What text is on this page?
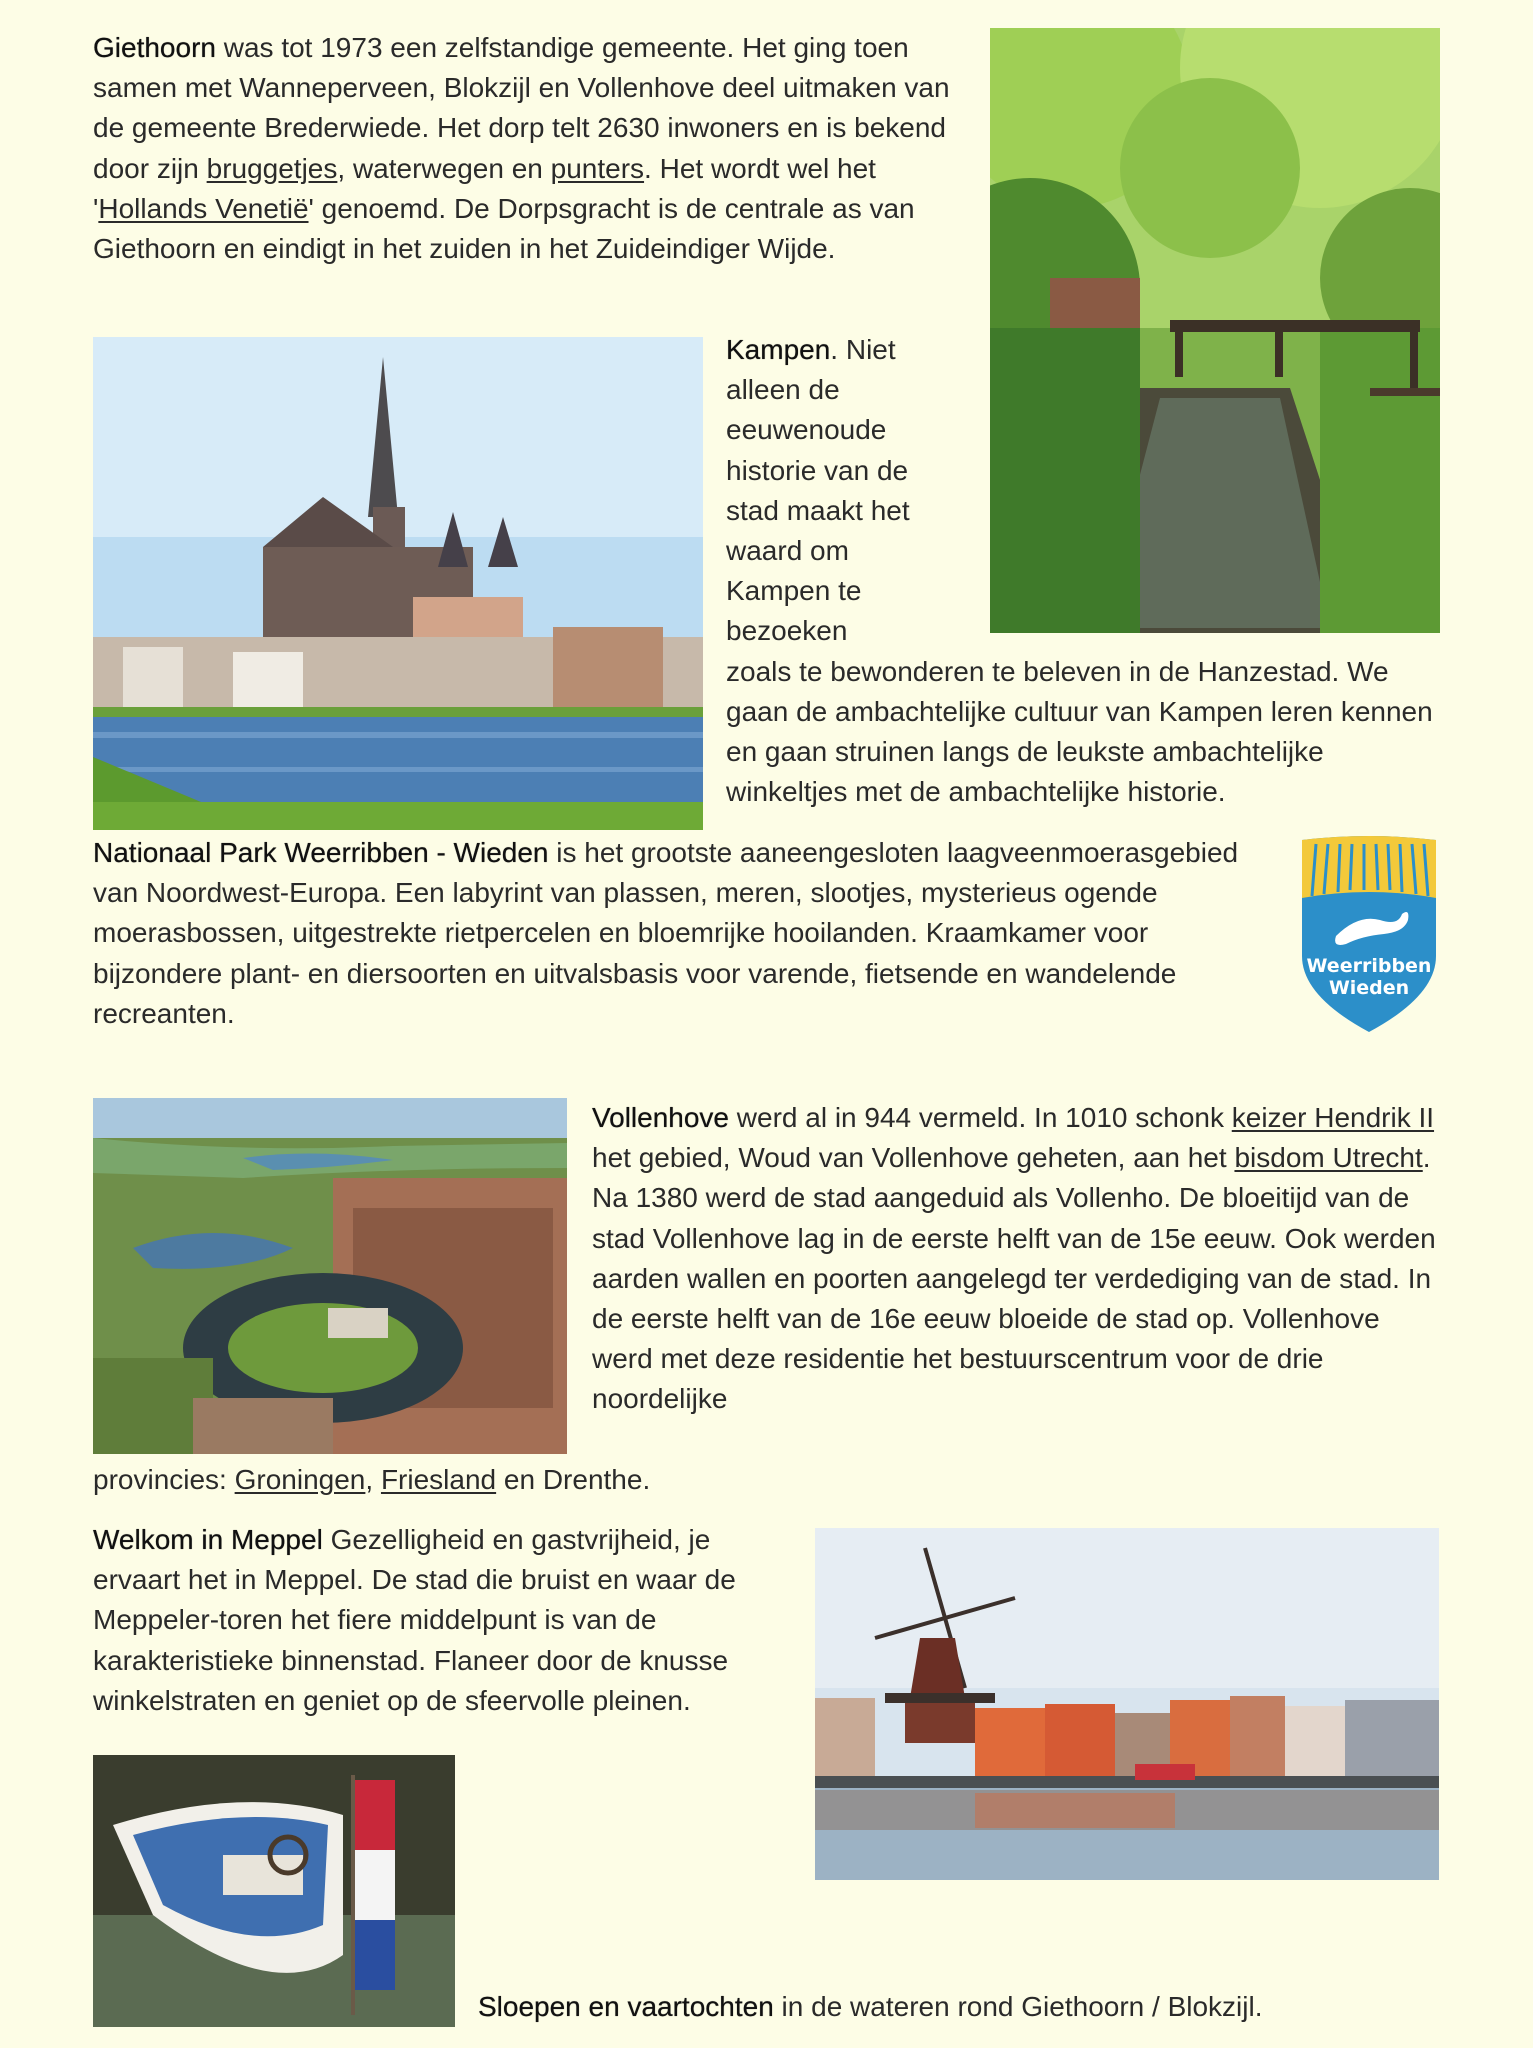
Giethoorn was tot 1973 een zelfstandige gemeente. Het ging toen samen met Wanneperveen, Blokzijl en Vollenhove deel uitmaken van de gemeente Brederwiede. Het dorp telt 2630 inwoners en is bekend door zijn bruggetjes, waterwegen en punters. Het wordt wel het 'Hollands Venetië' genoemd. De Dorpsgracht is de centrale as van Giethoorn en eindigt in het zuiden in het Zuideindiger Wijde.

Kampen. Niet alleen de eeuwenoude historie van de stad maakt het waard om Kampen te bezoeken zoals te bewonderen te beleven in de Hanzestad. We gaan de ambachtelijke cultuur van Kampen leren kennen en gaan struinen langs de leukste ambachtelijke winkeltjes met de ambachtelijke historie.

Weerribben
Wieden

Nationaal Park Weerribben - Wieden is het grootste aaneengesloten laagveenmoerasgebied van Noordwest-Europa. Een labyrint van plassen, meren, slootjes, mysterieus ogende moerasbossen, uitgestrekte rietpercelen en bloemrijke hooilanden. Kraamkamer voor bijzondere plant- en diersoorten en uitvalsbasis voor varende, fietsende en wandelende recreanten.

Vollenhove werd al in 944 vermeld. In 1010 schonk keizer Hendrik II het gebied, Woud van Vollenhove geheten, aan het bisdom Utrecht.
Na 1380 werd de stad aangeduid als Vollenho. De bloeitijd van de stad Vollenhove lag in de eerste helft van de 15e eeuw. Ook werden aarden wallen en poorten aangelegd ter verdediging van de stad. In de eerste helft van de 16e eeuw bloeide de stad op. Vollenhove werd met deze residentie het bestuurscentrum voor de drie noordelijke

provincies: Groningen, Friesland en Drenthe.

Welkom in Meppel Gezelligheid en gastvrijheid, je ervaart het in Meppel. De stad die bruist en waar de Meppeler-toren het fiere middelpunt is van de karakteristieke binnenstad. Flaneer door de knusse winkelstraten en geniet op de sfeervolle pleinen.

Sloepen en vaartochten in de wateren rond Giethoorn / Blokzijl.
